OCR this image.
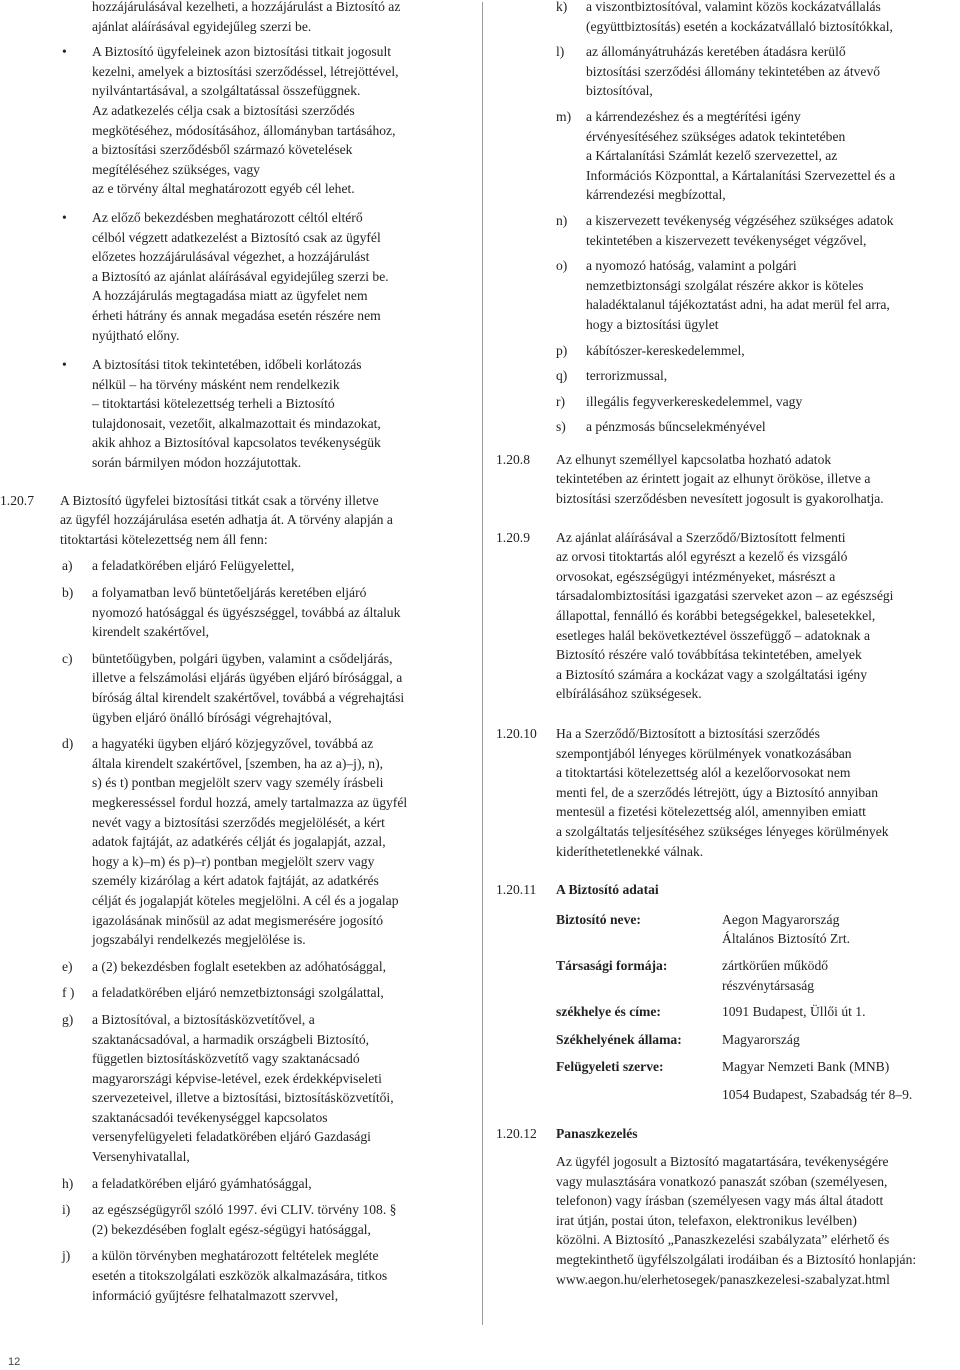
hozzájárulásával kezelheti, a hozzájárulást a Biztosító az
ajánlat aláírásával egyidejűleg szerzi be.
• A Biztosító ügyfeleinek azon biztosítási titkait jogosult
kezelni, amelyek a biztosítási szerződéssel, létrejöttével,
nyilvántartásával, a szolgáltatással összefüggnek.
Az adatkezelés célja csak a biztosítási szerződés
megkötéséhez, módosításához, állományban tartásához,
a biztosítási szerződésből származó követelések
megítéléséhez szükséges, vagy
az e törvény által meghatározott egyéb cél lehet.
• Az előző bekezdésben meghatározott céltól eltérő
célból végzett adatkezelést a Biztosító csak az ügyfél
előzetes hozzájárulásával végezhet, a hozzájárulást
a Biztosító az ajánlat aláírásával egyidejűleg szerzi be.
A hozzájárulás megtagadása miatt az ügyfelet nem
érheti hátrány és annak megadása esetén részére nem
nyújtható előny.
• A biztosítási titok tekintetében, időbeli korlátozás
nélkül – ha törvény másként nem rendelkezik
– titoktartási kötelezettség terheli a Biztosító
tulajdonosait, vezetőit, alkalmazottait és mindazokat,
akik ahhoz a Biztosítóval kapcsolatos tevékenységük
során bármilyen módon hozzájutottak.
1.20.7 A Biztosító ügyfelei biztosítási titkát csak a törvény illetve
az ügyfél hozzájárulása esetén adhatja át. A törvény alapján a
titoktartási kötelezettség nem áll fenn:
a) a feladatkörében eljáró Felügyelettel,
b) a folyamatban levő büntetőeljárás keretében eljáró
nyomozó hatósággal és ügyészséggel, továbbá az általuk
kirendelt szakértővel,
c) büntetőügyben, polgári ügyben, valamint a csődeljárás,
illetve a felszámolási eljárás ügyében eljáró bírósággal, a
bíróság által kirendelt szakértővel, továbbá a végrehajtási
ügyben eljáró önálló bírósági végrehajtóval,
d) a hagyatéki ügyben eljáró közjegyzővel, továbbá az
általa kirendelt szakértővel, [szemben, ha az a)–j), n),
s) és t) pontban megjelölt szerv vagy személy írásbeli
megkeresséssel fordul hozzá, amely tartalmazza az ügyfél
nevét vagy a biztosítási szerződés megjelölését, a kért
adatok fajtáját, az adatkérés célját és jogalapját, azzal,
hogy a k)–m) és p)–r) pontban megjelölt szerv vagy
személy kizárólag a kért adatok fajtáját, az adatkérés
célját és jogalapját köteles megjelölni. A cél és a jogalap
igazolásának minősül az adat megismerésére jogosító
jogszabályi rendelkezés megjelölése is.
e) a (2) bekezdésben foglalt esetekben az adóhatósággal,
f ) a feladatkörében eljáró nemzetbiztonsági szolgálattal,
g) a Biztosítóval, a biztosításközvetítővel, a
szaktanácsadóval, a harmadik országbeli Biztosító,
független biztosításközvetítő vagy szaktanácsadó
magyarországi képvise-letével, ezek érdekképviseleti
szervezeteivel, illetve a biztosítási, biztosításközvetítői,
szaktanácsadói tevékenységgel kapcsolatos
versenyfelügyeleti feladatkörében eljáró Gazdasági
Versenyhivatallal,
h) a feladatkörében eljáró gyámhatósággal,
i) az egészségügyről szóló 1997. évi CLIV. törvény 108. §
(2) bekezdésében foglalt egész-ségügyi hatósággal,
j) a külön törvényben meghatározott feltételek megléte
esetén a titokszolgálati eszközök alkalmazására, titkos
információ gyűjtésre felhatalmazott szervvel,
k) a viszontbiztosítóval, valamint közös kockázatvállalás
(együttbiztosítás) esetén a kockázatvállaló biztosítókkal,
l) az állományátruházás keretében átadásra kerülő
biztosítási szerződési állomány tekintetében az átvevő
biztosítóval,
m) a kárrendezéshez és a megtérítési igény
érvényesítéséhez szükséges adatok tekintetében
a Kártalanítási Számlát kezelő szervezettel, az
Információs Központtal, a Kártalanítási Szervezettel és a
kárrendezési megbízottal,
n) a kiszervezett tevékenység végzéséhez szükséges adatok
tekintetében a kiszervezett tevékenységet végzővel,
o) a nyomozó hatóság, valamint a polgári
nemzetbiztonsági szolgálat részére akkor is köteles
haladéktalanul tájékoztatást adni, ha adat merül fel arra,
hogy a biztosítási ügylet
p) kábítószer-kereskedelemmel,
q) terrorizmussal,
r) illegális fegyverkereskedelemmel, vagy
s) a pénzmosás bűncselekményével
1.20.8 Az elhunyt személlyel kapcsolatba hozható adatok
tekintetében az érintett jogait az elhunyt örököse, illetve a
biztosítási szerződésben nevesített jogosult is gyakorolhatja.
1.20.9 Az ajánlat aláírásával a Szerződő/Biztosított felmenti
az orvosi titoktartás alól egyrészt a kezelő és vizsgáló
orvosokat, egészségügyi intézményeket, másrészt a
társadalombiztosítási igazgatási szerveket azon – az egészségi
állapottal, fennálló és korábbi betegségekkel, balesetekkel,
esetleges halál bekövetkeztével összefüggő – adatoknak a
Biztosító részére való továbbítása tekintetében, amelyek
a Biztosító számára a kockázat vagy a szolgáltatási igény
elbírálásához szükségesek.
1.20.10 Ha a Szerződő/Biztosított a biztosítási szerződés
szempontjából lényeges körülmények vonatkozásában
a titoktartási kötelezettség alól a kezelőorvosokat nem
menti fel, de a szerződés létrejött, úgy a Biztosító annyiban
mentesül a fizetési kötelezettség alól, amennyiben emiatt
a szolgáltatás teljesítéséhez szükséges lényeges körülmények
kideríthetetlenekké válnak.
1.20.11 A Biztosító adatai
Biztosító neve:	Aegon Magyarország
Általános Biztosító Zrt.
Társasági formája:	zártkörűen működő
részvénytársaság
székhelye és címe:	1091 Budapest, Üllői út 1.
Székhelyének állama:	Magyarország
Felügyeleti szerve:	Magyar Nemzeti Bank (MNB)
1054 Budapest, Szabadság tér 8–9.
1.20.12 Panaszkezelés
Az ügyfél jogosult a Biztosító magatartására, tevékenységére
vagy mulasztására vonatkozó panaszát szóban (személyesen,
telefonon) vagy írásban (személyesen vagy más által átadott
irat útján, postai úton, telefaxon, elektronikus levélben)
közölni. A Biztosító „Panaszkezelési szabályzata” elérhető és
megtekinthető ügyfélszolgálati irodáiban és a Biztosító honlapján:
www.aegon.hu/elerhetosegek/panaszkezelesi-szabalyzat.html
12
